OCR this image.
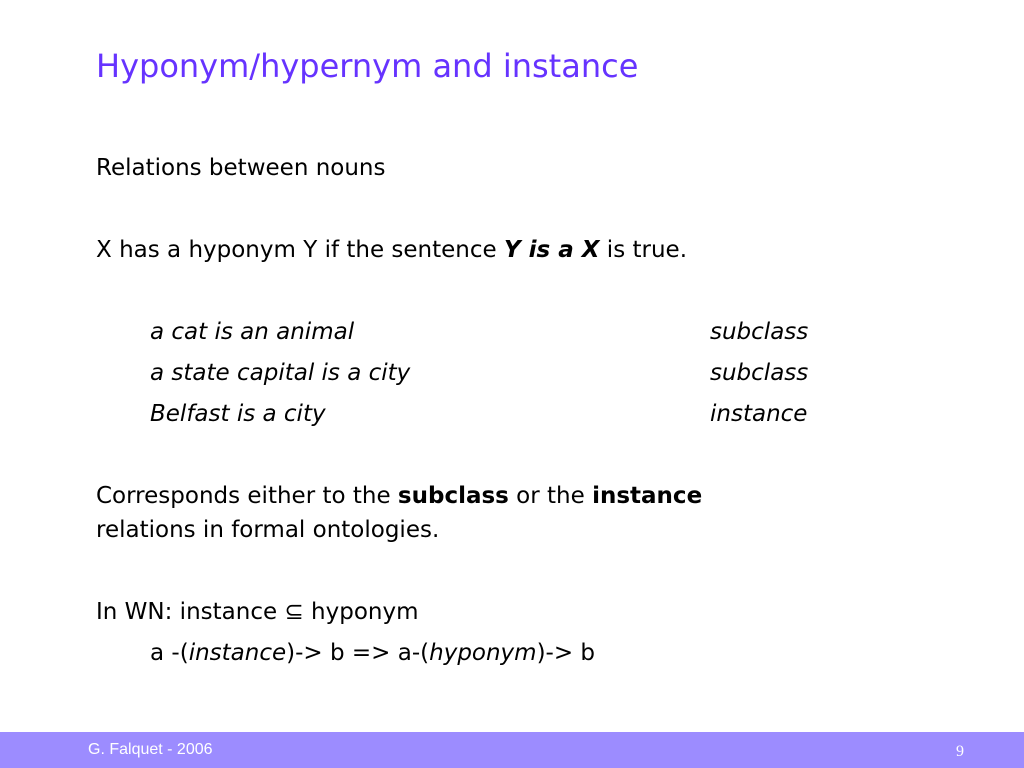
Hyponym/hypernym and instance
Relations between nouns
X has a hyponym Y if the sentence Y is a X is true.
a cat is an animal	subclass
a state capital is a city	subclass
Belfast is a city	instance
Corresponds either to the subclass or the instance
relations in formal ontologies.
In WN: instance ⊆ hyponym
a -(instance)-> b => a-(hyponym)-> b
G. Falquet - 2006	9
